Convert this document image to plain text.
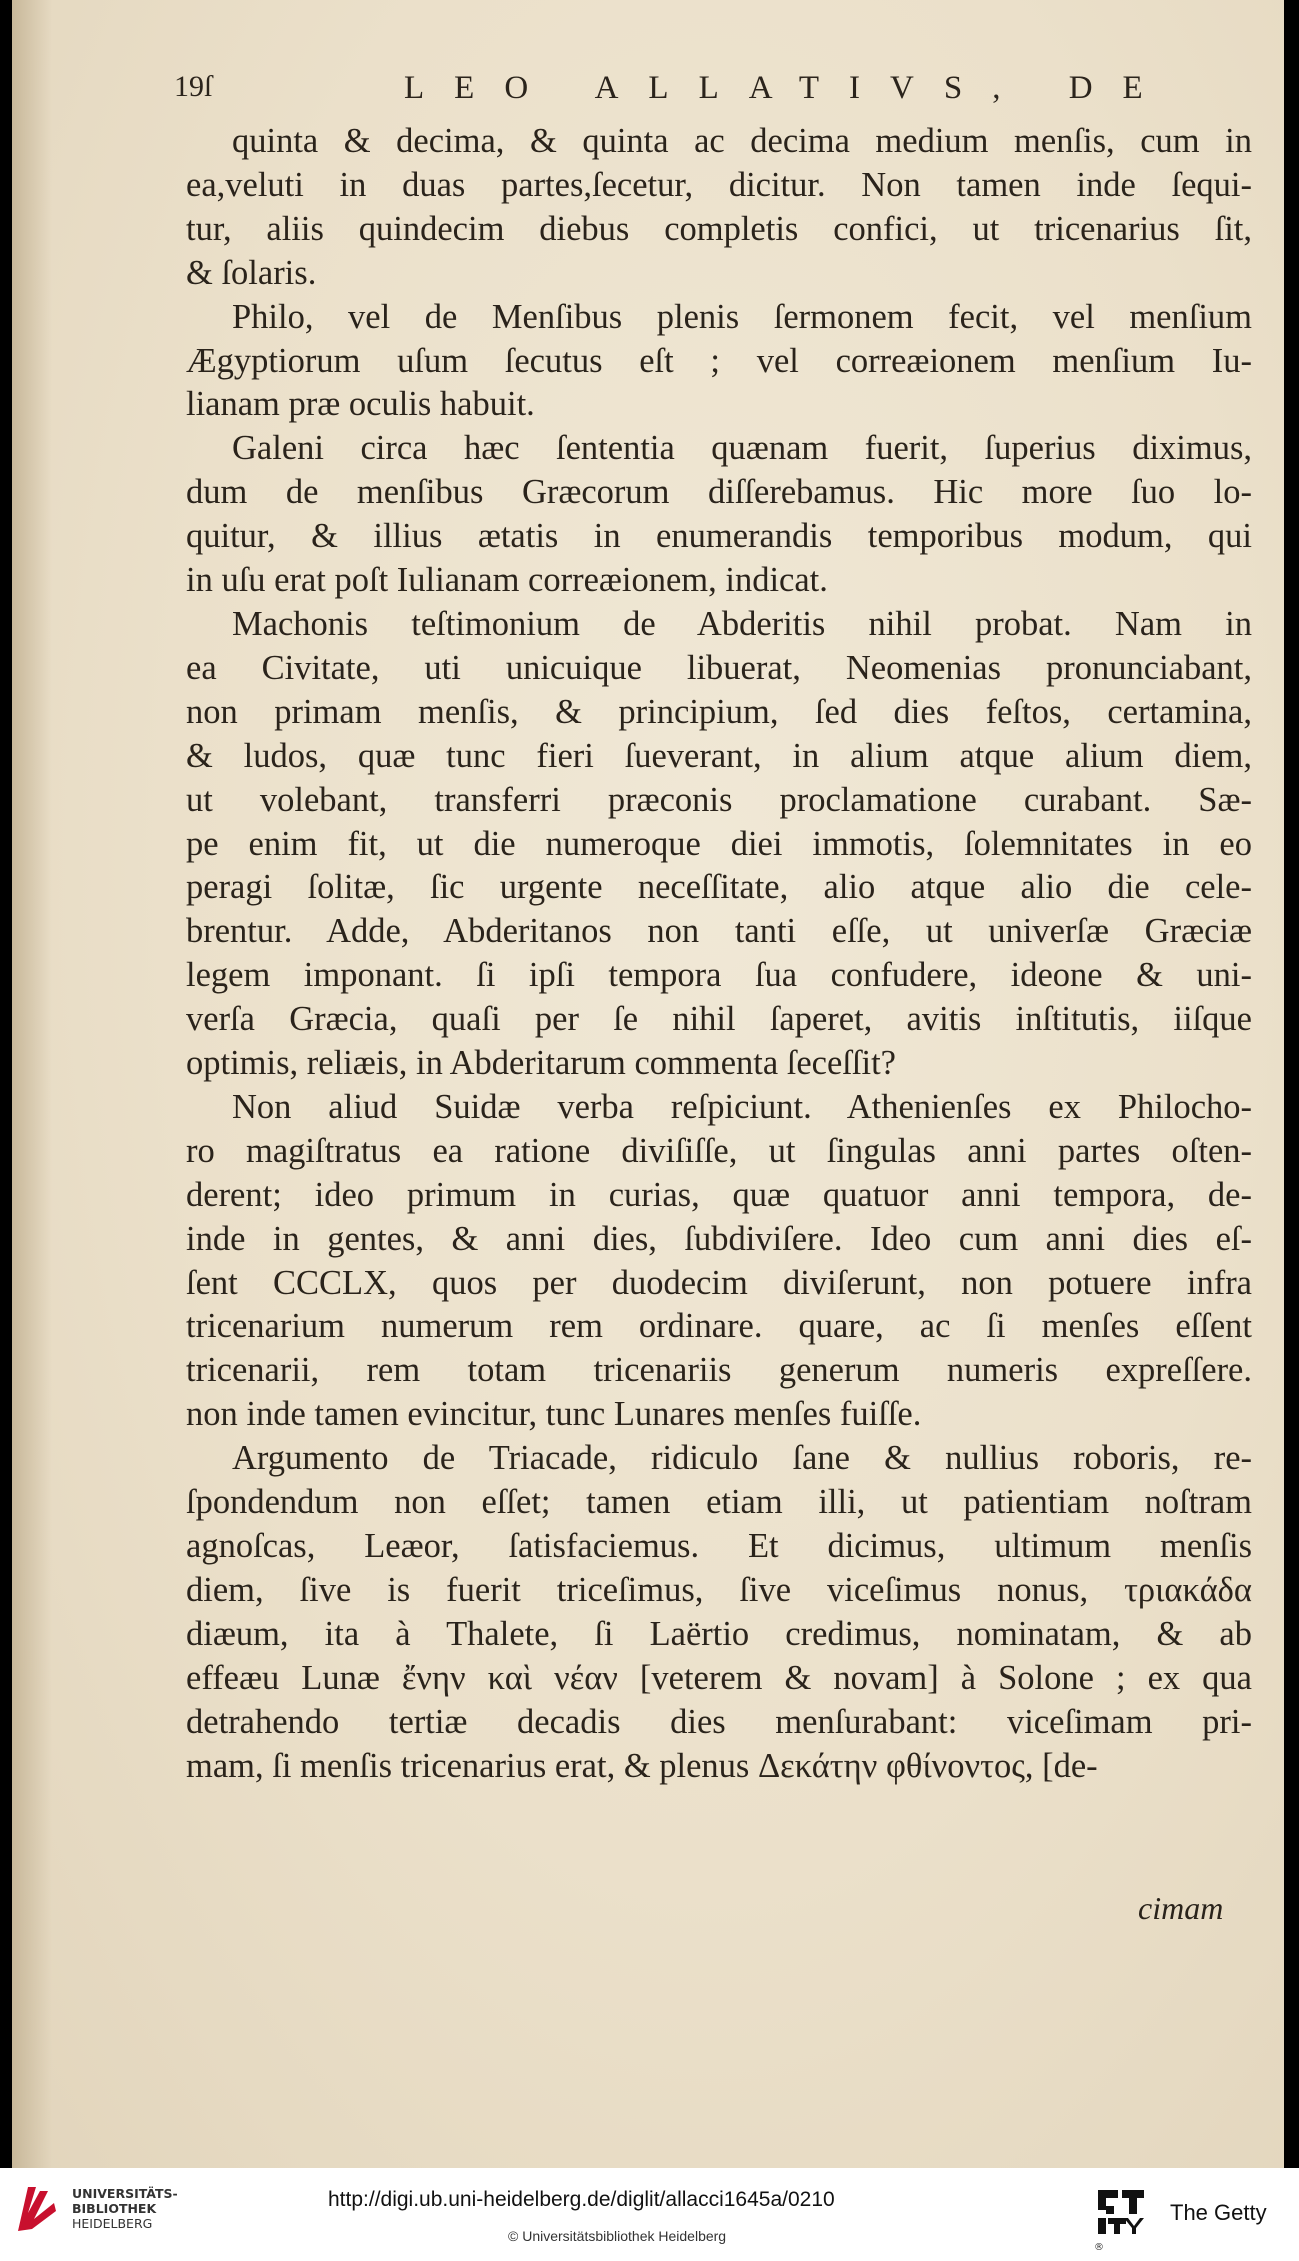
19ſ	LEO ALLATIVS, DE
quinta & decima, & quinta ac decima medium menſis, cum in
ea,veluti in duas partes,ſecetur, dicitur. Non tamen inde ſequi-
tur, aliis quindecim diebus completis confici, ut tricenarius ſit,
& ſolaris.
Philo, vel de Menſibus plenis ſermonem fecit, vel menſium
Ægyptiorum uſum ſecutus eſt ; vel correæionem menſium Iu-
lianam præ oculis habuit.
Galeni circa hæc ſententia quænam fuerit, ſuperius diximus,
dum de menſibus Græcorum diſſerebamus. Hic more ſuo lo-
quitur, & illius ætatis in enumerandis temporibus modum, qui
in uſu erat poſt Iulianam correæionem, indicat.
Machonis teſtimonium de Abderitis nihil probat. Nam in
ea Civitate, uti unicuique libuerat, Neomenias pronunciabant,
non primam menſis, & principium, ſed dies feſtos, certamina,
& ludos, quæ tunc fieri ſueverant, in alium atque alium diem,
ut volebant, transferri præconis proclamatione curabant. Sæ-
pe enim fit, ut die numeroque diei immotis, ſolemnitates in eo
peragi ſolitæ, ſic urgente neceſſitate, alio atque alio die cele-
brentur. Adde, Abderitanos non tanti eſſe, ut univerſæ Græciæ
legem imponant. ſi ipſi tempora ſua confudere, ideone & uni-
verſa Græcia, quaſi per ſe nihil ſaperet, avitis inſtitutis, iiſque
optimis, reliæis, in Abderitarum commenta ſeceſſit?
Non aliud Suidæ verba reſpiciunt. Athenienſes ex Philocho-
ro magiſtratus ea ratione diviſiſſe, ut ſingulas anni partes oſten-
derent; ideo primum in curias, quæ quatuor anni tempora, de-
inde in gentes, & anni dies, ſubdiviſere. Ideo cum anni dies eſ-
ſent CCCLX, quos per duodecim diviſerunt, non potuere infra
tricenarium numerum rem ordinare. quare, ac ſi menſes eſſent
tricenarii, rem totam tricenariis generum numeris expreſſere.
non inde tamen evincitur, tunc Lunares menſes fuiſſe.
Argumento de Triacade, ridiculo ſane & nullius roboris, re-
ſpondendum non eſſet; tamen etiam illi, ut patientiam noſtram
agnoſcas, Leæor, ſatisfaciemus. Et dicimus, ultimum menſis
diem, ſive is fuerit triceſimus, ſive viceſimus nonus, τριακάδα
diæum, ita à Thalete, ſi Laërtio credimus, nominatam, & ab
effeæu Lunæ ἔνην καὶ νέαν [veterem & novam] à Solone ; ex qua
detrahendo tertiæ decadis dies menſurabant: viceſimam pri-
mam, ſi menſis tricenarius erat, & plenus Δεκάτην φθίνοντος, [de-
cimam
UNIVERSITÄTS-
BIBLIOTHEK
HEIDELBERG
http://digi.ub.uni-heidelberg.de/diglit/allacci1645a/0210
© Universitätsbibliothek Heidelberg
®
The Getty
